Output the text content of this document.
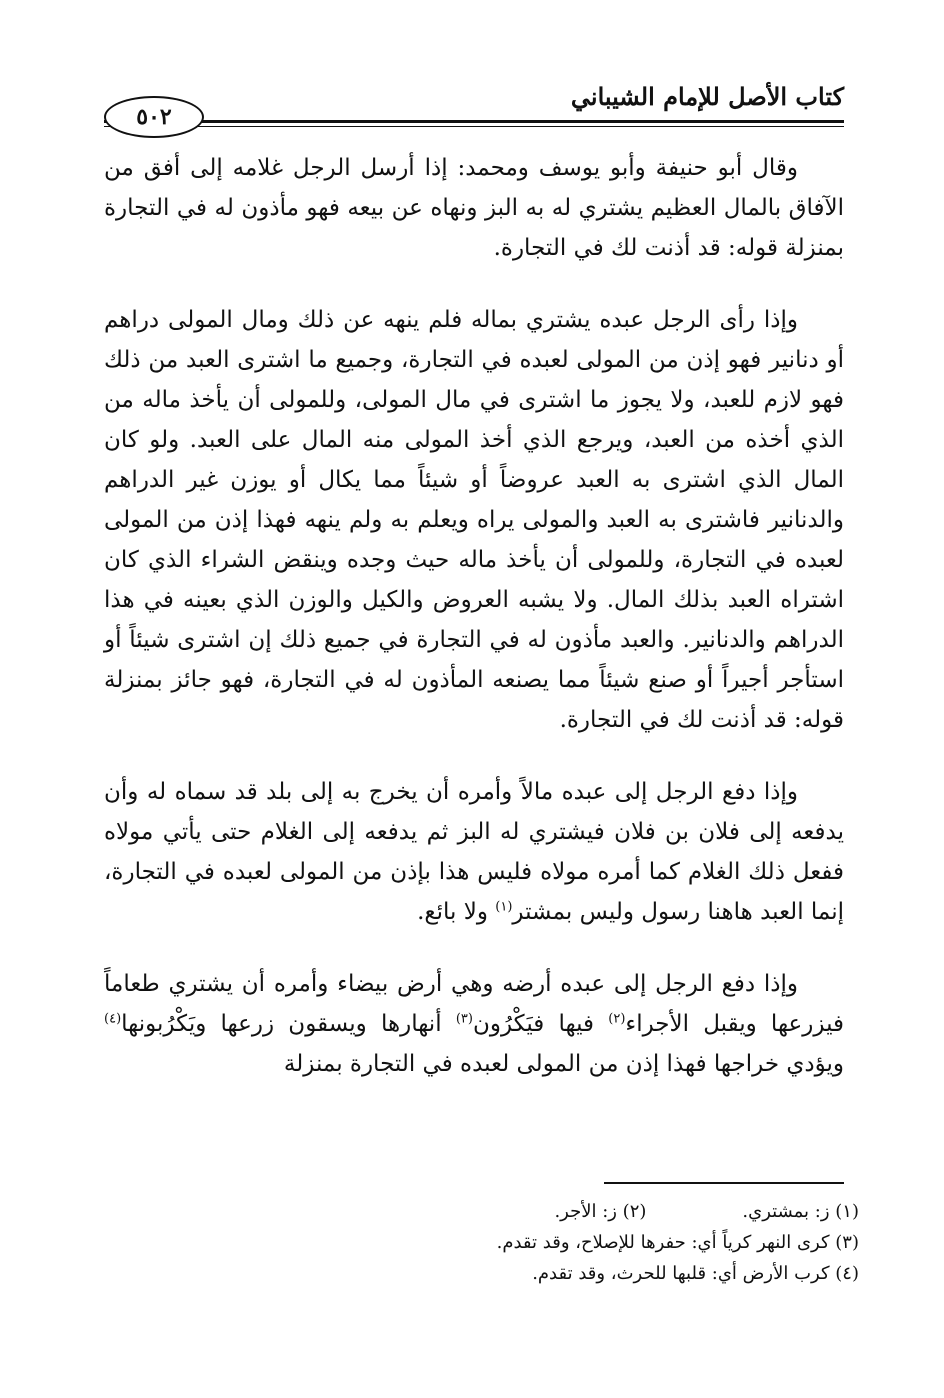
كتاب الأصل للإمام الشيباني
٥٠٢

وقال أبو حنيفة وأبو يوسف ومحمد: إذا أرسل الرجل غلامه إلى أفق من الآفاق بالمال العظيم يشتري له به البز ونهاه عن بيعه فهو مأذون له في التجارة بمنزلة قوله: قد أذنت لك في التجارة.

وإذا رأى الرجل عبده يشتري بماله فلم ينهه عن ذلك ومال المولى دراهم أو دنانير فهو إذن من المولى لعبده في التجارة، وجميع ما اشترى العبد من ذلك فهو لازم للعبد، ولا يجوز ما اشترى في مال المولى، وللمولى أن يأخذ ماله من الذي أخذه من العبد، ويرجع الذي أخذ المولى منه المال على العبد. ولو كان المال الذي اشترى به العبد عروضاً أو شيئاً مما يكال أو يوزن غير الدراهم والدنانير فاشترى به العبد والمولى يراه ويعلم به ولم ينهه فهذا إذن من المولى لعبده في التجارة، وللمولى أن يأخذ ماله حيث وجده وينقض الشراء الذي كان اشتراه العبد بذلك المال. ولا يشبه العروض والكيل والوزن الذي بعينه في هذا الدراهم والدنانير. والعبد مأذون له في التجارة في جميع ذلك إن اشترى شيئاً أو استأجر أجيراً أو صنع شيئاً مما يصنعه المأذون له في التجارة، فهو جائز بمنزلة قوله: قد أذنت لك في التجارة.

وإذا دفع الرجل إلى عبده مالاً وأمره أن يخرج به إلى بلد قد سماه له وأن يدفعه إلى فلان بن فلان فيشتري له البز ثم يدفعه إلى الغلام حتى يأتي مولاه ففعل ذلك الغلام كما أمره مولاه فليس هذا بإذن من المولى لعبده في التجارة، إنما العبد هاهنا رسول وليس بمشتر$^{(١)}$ ولا بائع.

وإذا دفع الرجل إلى عبده أرضه وهي أرض بيضاء وأمره أن يشتري طعاماً فيزرعها ويقبل الأجراء$^{(٢)}$ فيها فيَكْرُون$^{(٣)}$ أنهارها ويسقون زرعها ويَكْرُبونها$^{(٤)}$ ويؤدي خراجها فهذا إذن من المولى لعبده في التجارة بمنزلة

(١) ز: بمشتري.(٢) ز: الأجر.
(٣) كرى النهر كرياً أي: حفرها للإصلاح، وقد تقدم.
(٤) كرب الأرض أي: قلبها للحرث، وقد تقدم.
